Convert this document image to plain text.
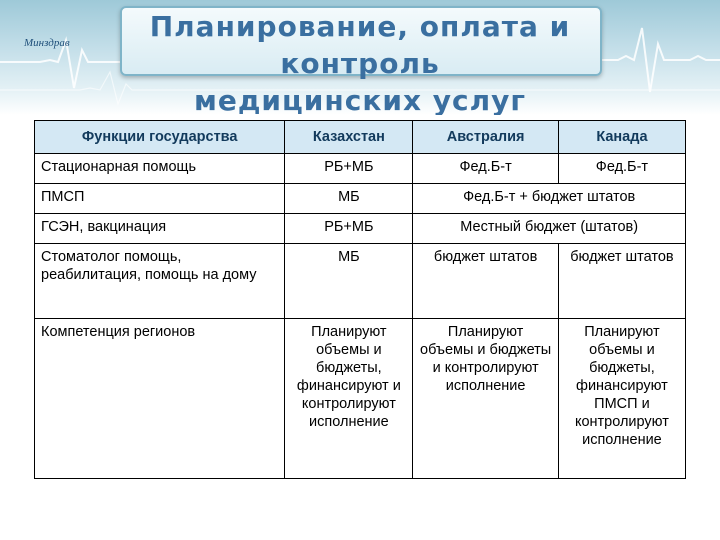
Планирование, оплата и контроль
медицинских услуг
Минздрав
Функции государства	Казахстан	Австралия	Канада
Стационарная помощь	РБ+МБ	Фед.Б-т	Фед.Б-т
ПМСП	МБ	Фед.Б-т + бюджет штатов	
ГСЭН, вакцинация	РБ+МБ	Местный бюджет (штатов)	
Стоматолог помощь, реабилитация, помощь на дому	МБ	бюджет штатов	бюджет штатов
Компетенция регионов	Планируют объемы и бюджеты, финансируют и контролируют исполнение	Планируют объемы и бюджеты и контролируют исполнение	Планируют объемы и бюджеты, финансируют ПМСП и контролируют исполнение
